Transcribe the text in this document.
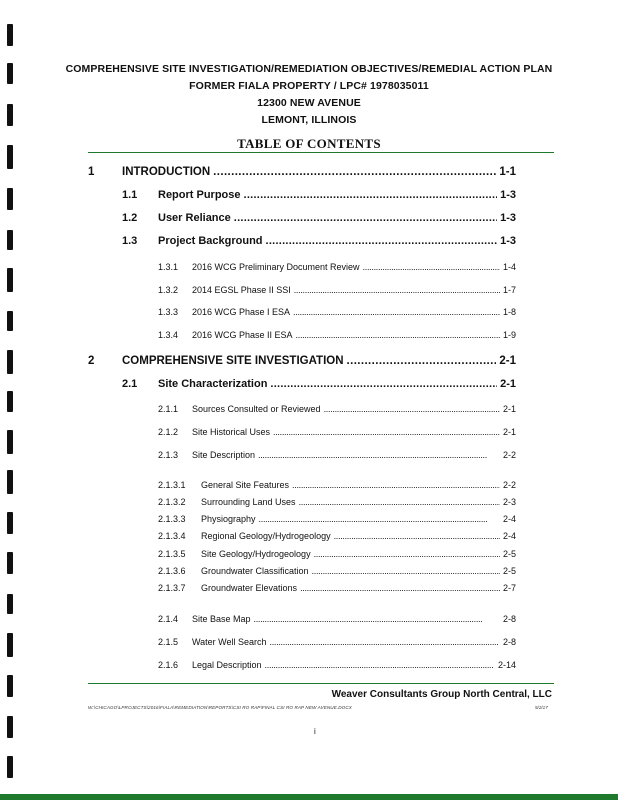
COMPREHENSIVE SITE INVESTIGATION/REMEDIATION OBJECTIVES/REMEDIAL ACTION PLAN
FORMER FIALA PROPERTY / LPC# 1978035011
12300 NEW AVENUE
LEMONT, ILLINOIS
TABLE OF CONTENTS
1	INTRODUCTION . . .	1-1
1.1	Report Purpose . . .	1-3
1.2	User Reliance . . .	1-3
1.3	Project Background . . .	1-3
1.3.1	2016 WCG Preliminary Document Review . . .	1-4
1.3.2	2014 EGSL Phase II SSI . . .	1-7
1.3.3	2016 WCG Phase I ESA . . .	1-8
1.3.4	2016 WCG Phase II ESA . . .	1-9
2	COMPREHENSIVE SITE INVESTIGATION . . .	2-1
2.1	Site Characterization . . .	2-1
2.1.1	Sources Consulted or Reviewed . . .	2-1
2.1.2	Site Historical Uses . . .	2-1
2.1.3	Site Description . . .	2-2
2.1.3.1	General Site Features . . .	2-2
2.1.3.2	Surrounding Land Uses . . .	2-3
2.1.3.3	Physiography . . .	2-4
2.1.3.4	Regional Geology/Hydrogeology . . .	2-4
2.1.3.5	Site Geology/Hydrogeology . . .	2-5
2.1.3.6	Groundwater Classification . . .	2-5
2.1.3.7	Groundwater Elevations . . .	2-7
2.1.4	Site Base Map . . .	2-8
2.1.5	Water Well Search . . .	2-8
2.1.6	Legal Description . . .	2-14
Weaver Consultants Group North Central, LLC
W:\CHICAGO\LPROJECTS\2016\FIALA\REMEDIATION\REPORTS\CSI RO RAP\FINAL CSI RO RAP NEW AVENUE.DOCX	5/2/17
i
